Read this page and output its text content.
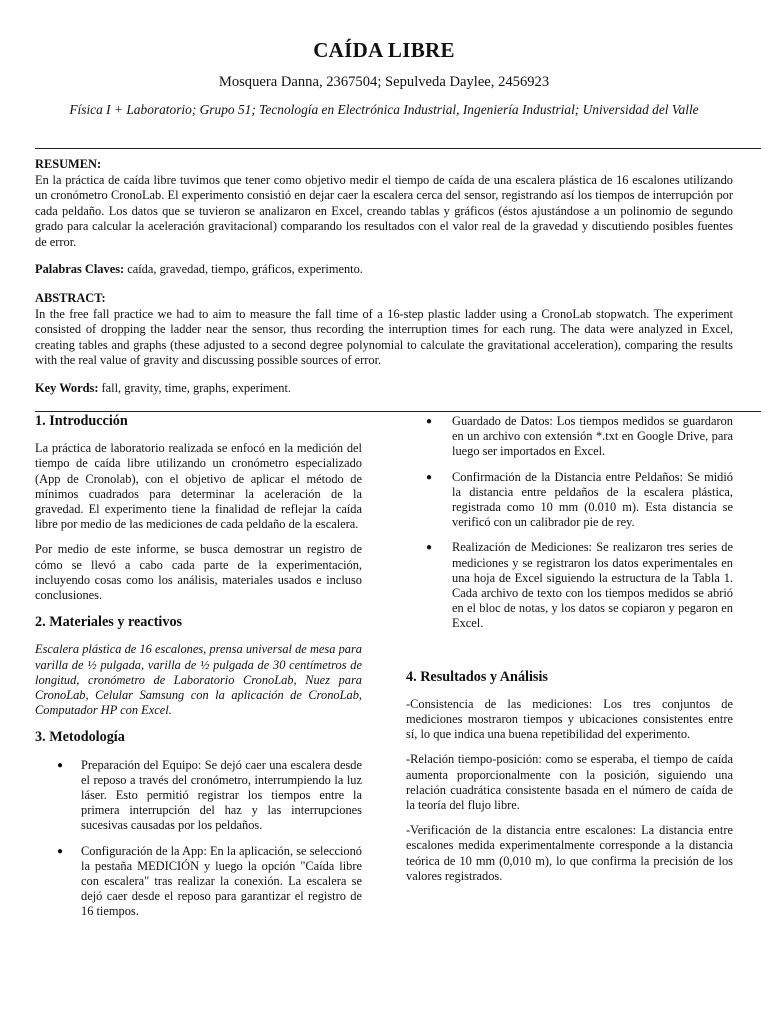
CAÍDA LIBRE
Mosquera Danna, 2367504; Sepulveda Daylee, 2456923
Física I + Laboratorio; Grupo 51; Tecnología en Electrónica Industrial, Ingeniería Industrial; Universidad del Valle
RESUMEN:
En la práctica de caída libre tuvimos que tener como objetivo medir el tiempo de caída de una escalera plástica de 16 escalones utilizando un cronómetro CronoLab. El experimento consistió en dejar caer la escalera cerca del sensor, registrando así los tiempos de interrupción por cada peldaño. Los datos que se tuvieron se analizaron en Excel, creando tablas y gráficos (éstos ajustándose a un polinomio de segundo grado para calcular la aceleración gravitacional) comparando los resultados con el valor real de la gravedad y discutiendo posibles fuentes de error.
Palabras Claves: caída, gravedad, tiempo, gráficos, experimento.
ABSTRACT:
In the free fall practice we had to aim to measure the fall time of a 16-step plastic ladder using a CronoLab stopwatch. The experiment consisted of dropping the ladder near the sensor, thus recording the interruption times for each rung. The data were analyzed in Excel, creating tables and graphs (these adjusted to a second degree polynomial to calculate the gravitational acceleration), comparing the results with the real value of gravity and discussing possible sources of error.
Key Words: fall, gravity, time, graphs, experiment.
1. Introducción

La práctica de laboratorio realizada se enfocó en la medición del tiempo de caída libre utilizando un cronómetro especializado (App de Cronolab), con el objetivo de aplicar el método de mínimos cuadrados para determinar la aceleración de la gravedad. El experimento tiene la finalidad de reflejar la caída libre por medio de las mediciones de cada peldaño de la escalera.

Por medio de este informe, se busca demostrar un registro de cómo se llevó a cabo cada parte de la experimentación, incluyendo cosas como los análisis, materiales usados e incluso conclusiones.

2. Materiales y reactivos

Escalera plástica de 16 escalones, prensa universal de mesa para varilla de ½ pulgada, varilla de ½ pulgada de 30 centímetros de longitud, cronómetro de Laboratorio CronoLab, Nuez para CronoLab, Celular Samsung con la aplicación de CronoLab, Computador HP con Excel.

3. Metodología
● Preparación del Equipo: Se dejó caer una escalera desde el reposo a través del cronómetro, interrumpiendo la luz láser. Esto permitió registrar los tiempos entre la primera interrupción del haz y las interrupciones sucesivas causadas por los peldaños.
● Configuración de la App: En la aplicación, se seleccionó la pestaña MEDICIÓN y luego la opción "Caída libre con escalera" tras realizar la conexión. La escalera se dejó caer desde el reposo para garantizar el registro de 16 tiempos.
● Guardado de Datos: Los tiempos medidos se guardaron en un archivo con extensión *.txt en Google Drive, para luego ser importados en Excel.
● Confirmación de la Distancia entre Peldaños: Se midió la distancia entre peldaños de la escalera plástica, registrada como 10 mm (0.010 m). Esta distancia se verificó con un calibrador pie de rey.
● Realización de Mediciones: Se realizaron tres series de mediciones y se registraron los datos experimentales en una hoja de Excel siguiendo la estructura de la Tabla 1. Cada archivo de texto con los tiempos medidos se abrió en el bloc de notas, y los datos se copiaron y pegaron en Excel.
4. Resultados y Análisis

-Consistencia de las mediciones: Los tres conjuntos de mediciones mostraron tiempos y ubicaciones consistentes entre sí, lo que indica una buena repetibilidad del experimento.

-Relación tiempo-posición: como se esperaba, el tiempo de caída aumenta proporcionalmente con la posición, siguiendo una relación cuadrática consistente basada en el número de caída de la teoría del flujo libre.

-Verificación de la distancia entre escalones: La distancia entre escalones medida experimentalmente corresponde a la distancia teórica de 10 mm (0,010 m), lo que confirma la precisión de los valores registrados.
